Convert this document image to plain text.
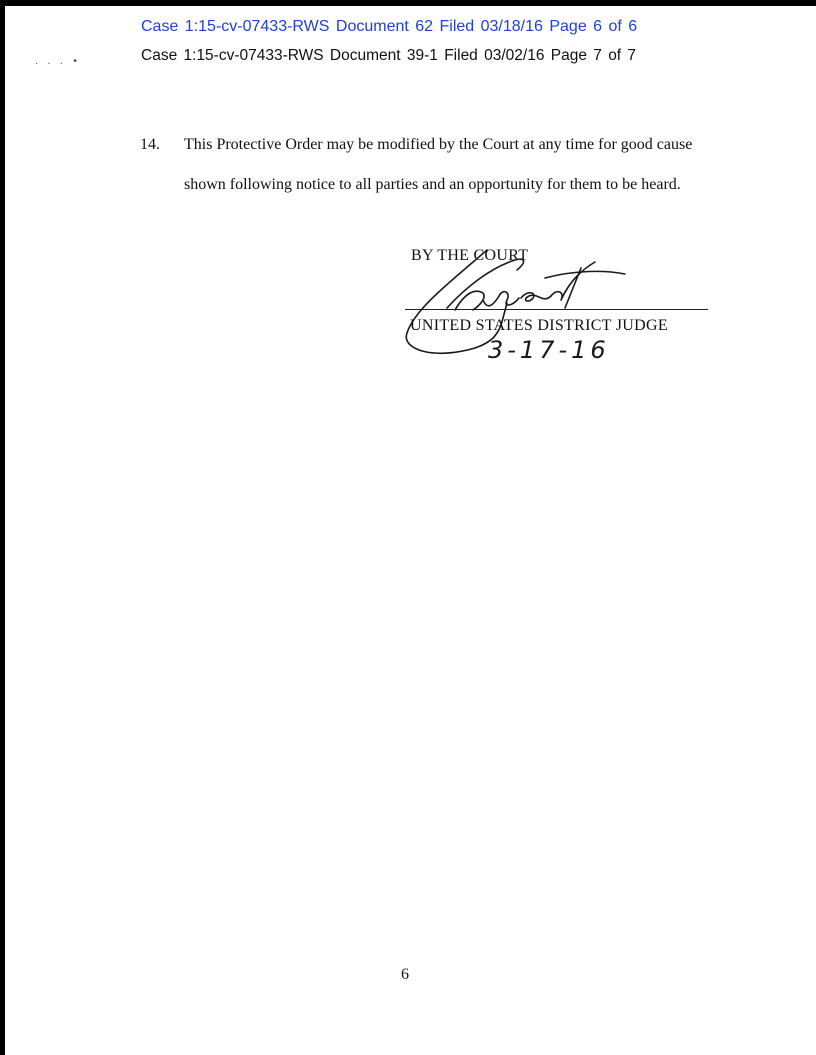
Case 1:15-cv-07433-RWS Document 62 Filed 03/18/16 Page 6 of 6
Case 1:15-cv-07433-RWS Document 39-1 Filed 03/02/16 Page 7 of 7
. . . •
14. This Protective Order may be modified by the Court at any time for good cause
shown following notice to all parties and an opportunity for them to be heard.
BY THE COURT
UNITED STATES DISTRICT JUDGE
3-17-16
6
